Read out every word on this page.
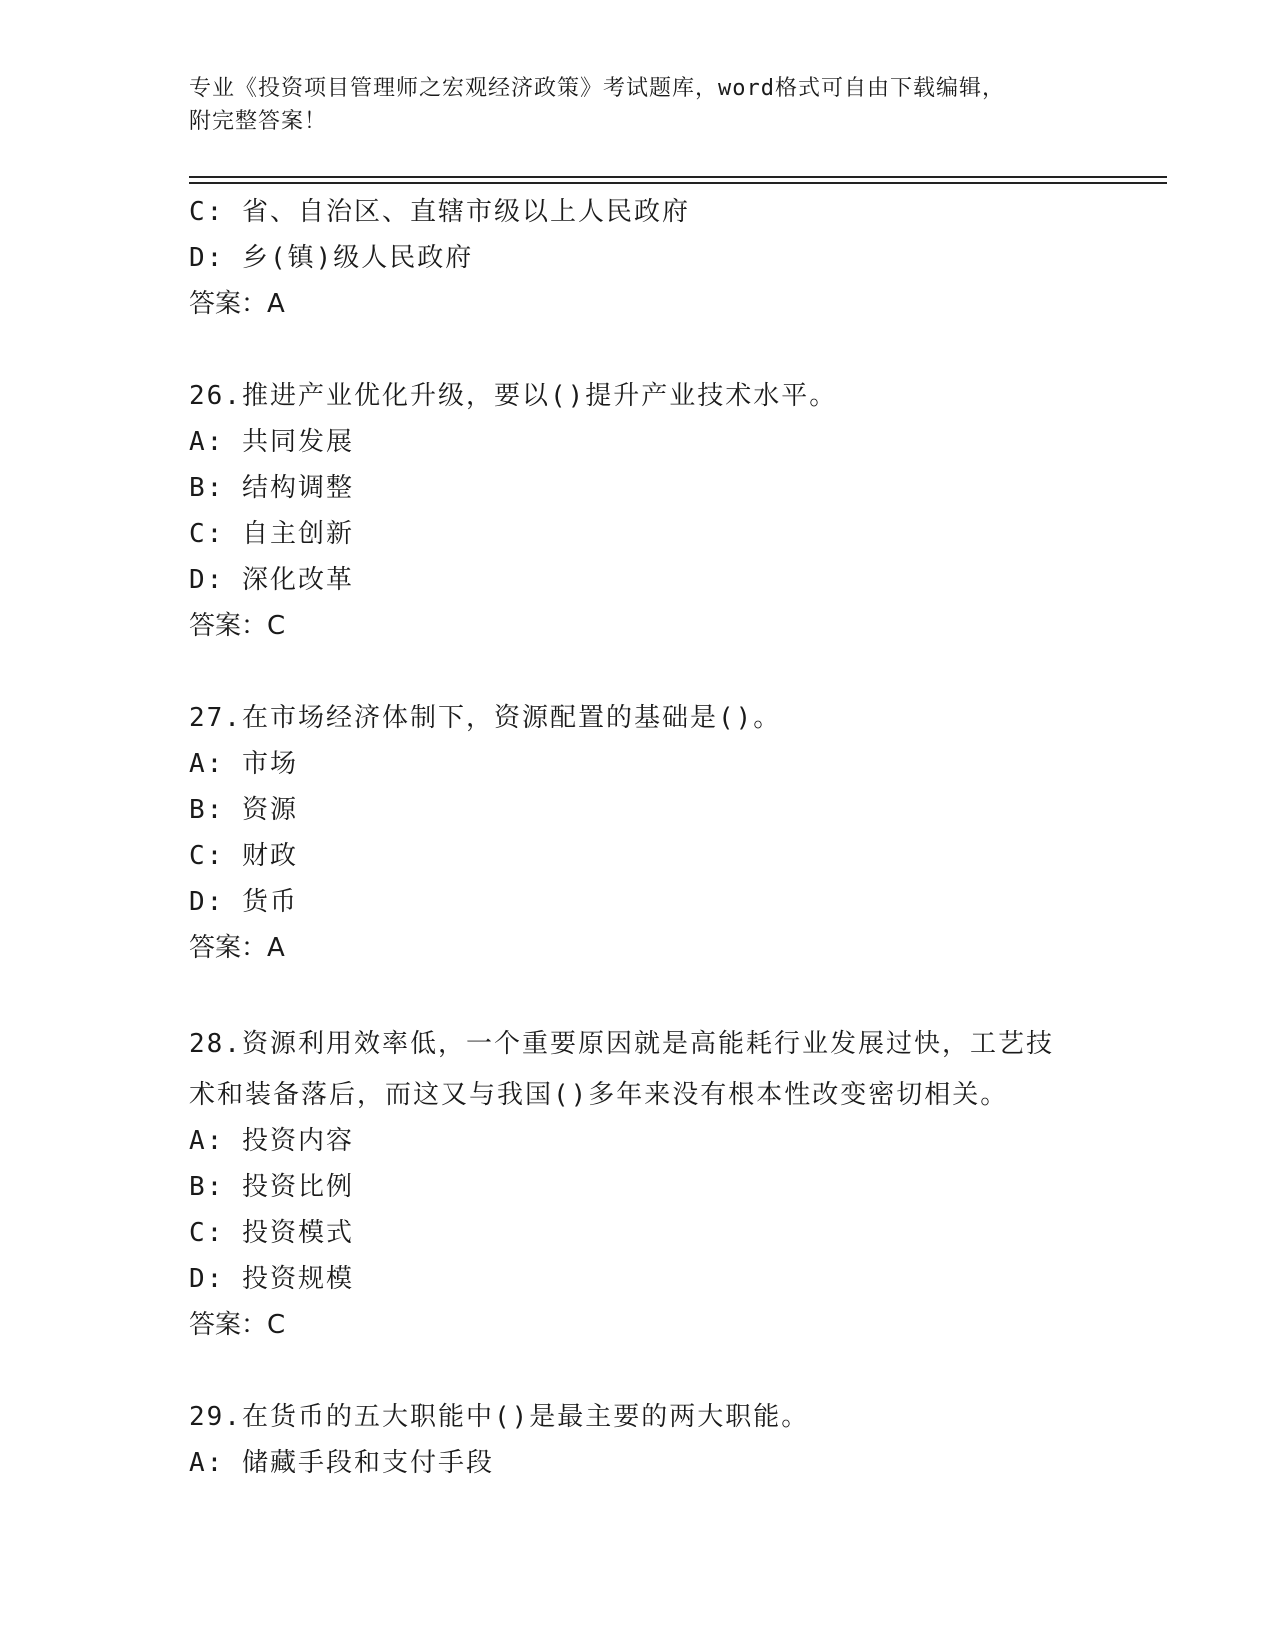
专业《投资项目管理师之宏观经济政策》考试题库，word格式可自由下载编辑，
附完整答案！
C: 省、自治区、直辖市级以上人民政府
D: 乡(镇)级人民政府
答案：A
26.推进产业优化升级，要以()提升产业技术水平。
A: 共同发展
B: 结构调整
C: 自主创新
D: 深化改革
答案：C
27.在市场经济体制下，资源配置的基础是()。
A: 市场
B: 资源
C: 财政
D: 货币
答案：A
28.资源利用效率低，一个重要原因就是高能耗行业发展过快，工艺技
术和装备落后，而这又与我国()多年来没有根本性改变密切相关。
A: 投资内容
B: 投资比例
C: 投资模式
D: 投资规模
答案：C
29.在货币的五大职能中()是最主要的两大职能。
A: 储藏手段和支付手段
